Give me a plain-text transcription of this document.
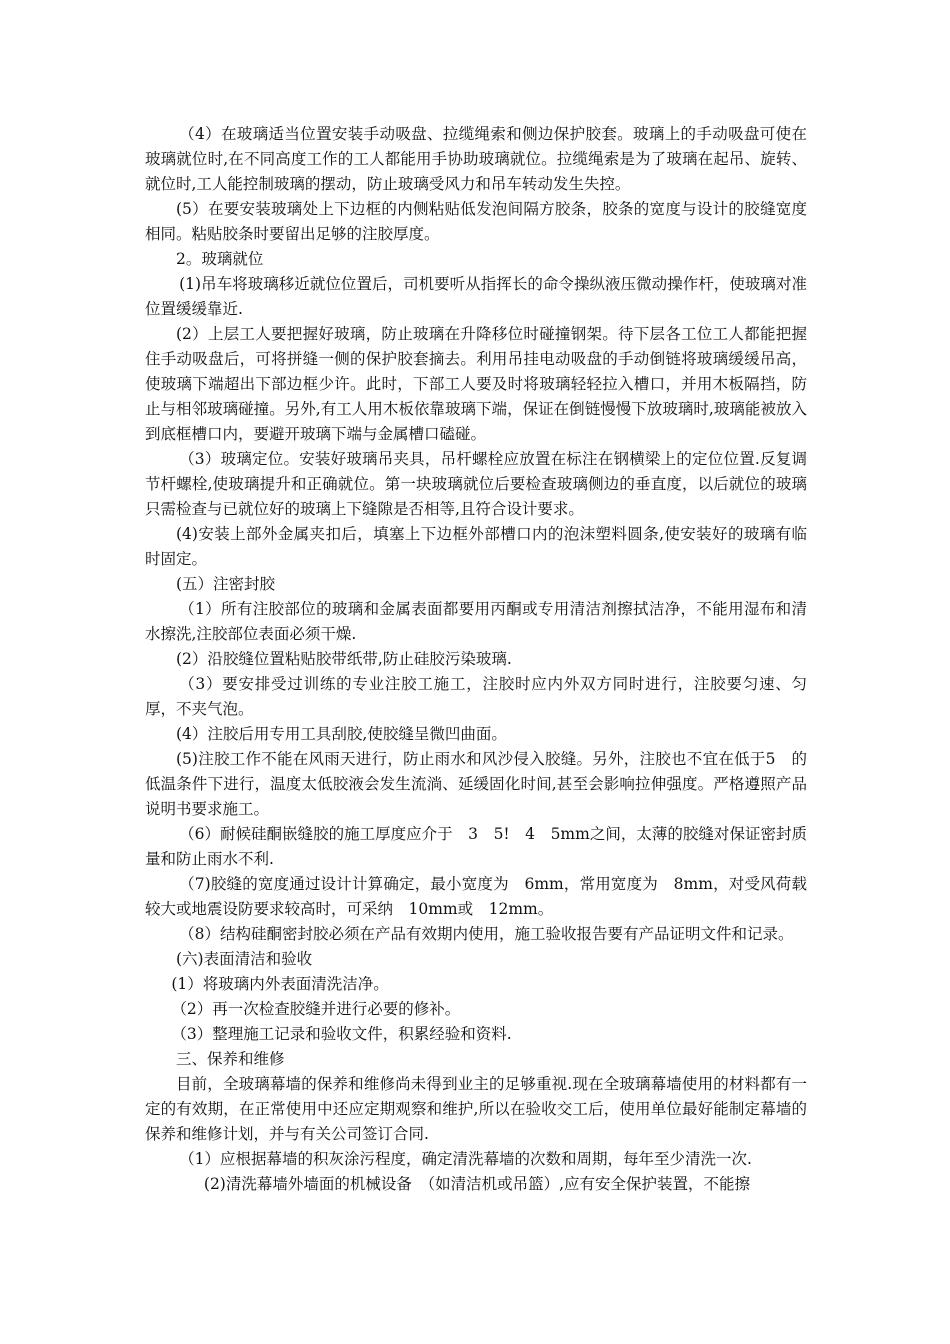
（4）在玻璃适当位置安装手动吸盘、拉缆绳索和侧边保护胶套。玻璃上的手动吸盘可使在玻璃就位时,在不同高度工作的工人都能用手协助玻璃就位。拉缆绳索是为了玻璃在起吊、旋转、就位时,工人能控制玻璃的摆动，防止玻璃受风力和吊车转动发生失控。

(5）在要安装玻璃处上下边框的内侧粘贴低发泡间隔方胶条，胶条的宽度与设计的胶缝宽度相同。粘贴胶条时要留出足够的注胶厚度。

2。玻璃就位

(1)吊车将玻璃移近就位位置后，司机要听从指挥长的命令操纵液压微动操作杆，使玻璃对准位置缓缓靠近.

(2）上层工人要把握好玻璃，防止玻璃在升降移位时碰撞钢架。待下层各工位工人都能把握住手动吸盘后，可将拼缝一侧的保护胶套摘去。利用吊挂电动吸盘的手动倒链将玻璃缓缓吊高，使玻璃下端超出下部边框少许。此时，下部工人要及时将玻璃轻轻拉入槽口，并用木板隔挡，防止与相邻玻璃碰撞。另外,有工人用木板依靠玻璃下端，保证在倒链慢慢下放玻璃时,玻璃能被放入到底框槽口内，要避开玻璃下端与金属槽口磕碰。

（3）玻璃定位。安装好玻璃吊夹具，吊杆螺栓应放置在标注在钢横梁上的定位位置.反复调节杆螺栓,使玻璃提升和正确就位。第一块玻璃就位后要检查玻璃侧边的垂直度，以后就位的玻璃只需检查与已就位好的玻璃上下缝隙是否相等,且符合设计要求。

(4)安装上部外金属夹扣后，填塞上下边框外部槽口内的泡沫塑料圆条,使安装好的玻璃有临时固定。

(五）注密封胶

（1）所有注胶部位的玻璃和金属表面都要用丙酮或专用清洁剂擦拭洁净，不能用湿布和清水擦洗,注胶部位表面必须干燥.

(2）沿胶缝位置粘贴胶带纸带,防止硅胶污染玻璃.

（3）要安排受过训练的专业注胶工施工，注胶时应内外双方同时进行，注胶要匀速、匀厚，不夹气泡。

(4）注胶后用专用工具刮胶,使胶缝呈微凹曲面。

(5)注胶工作不能在风雨天进行，防止雨水和风沙侵入胶缝。另外，注胶也不宜在低于5　的低温条件下进行，温度太低胶液会发生流淌、延缓固化时间,甚至会影响拉伸强度。严格遵照产品说明书要求施工。

（6）耐候硅酮嵌缝胶的施工厚度应介于　3　5!　4　5mm之间，太薄的胶缝对保证密封质量和防止雨水不利.

（7)胶缝的宽度通过设计计算确定，最小宽度为　6mm，常用宽度为　8mm，对受风荷载较大或地震设防要求较高时，可采纳　10mm或　12mm。

（8）结构硅酮密封胶必须在产品有效期内使用，施工验收报告要有产品证明文件和记录。

(六)表面清洁和验收

(1）将玻璃内外表面清洗洁净。

（2）再一次检查胶缝并进行必要的修补。

（3）整理施工记录和验收文件，积累经验和资料.

三、保养和维修

目前，全玻璃幕墙的保养和维修尚未得到业主的足够重视.现在全玻璃幕墙使用的材料都有一定的有效期，在正常使用中还应定期观察和维护,所以在验收交工后，使用单位最好能制定幕墙的保养和维修计划，并与有关公司签订合同.

（1）应根据幕墙的积灰涂污程度，确定清洗幕墙的次数和周期，每年至少清洗一次.

(2)清洗幕墙外墙面的机械设备　（如清洁机或吊篮）,应有安全保护装置，不能擦
